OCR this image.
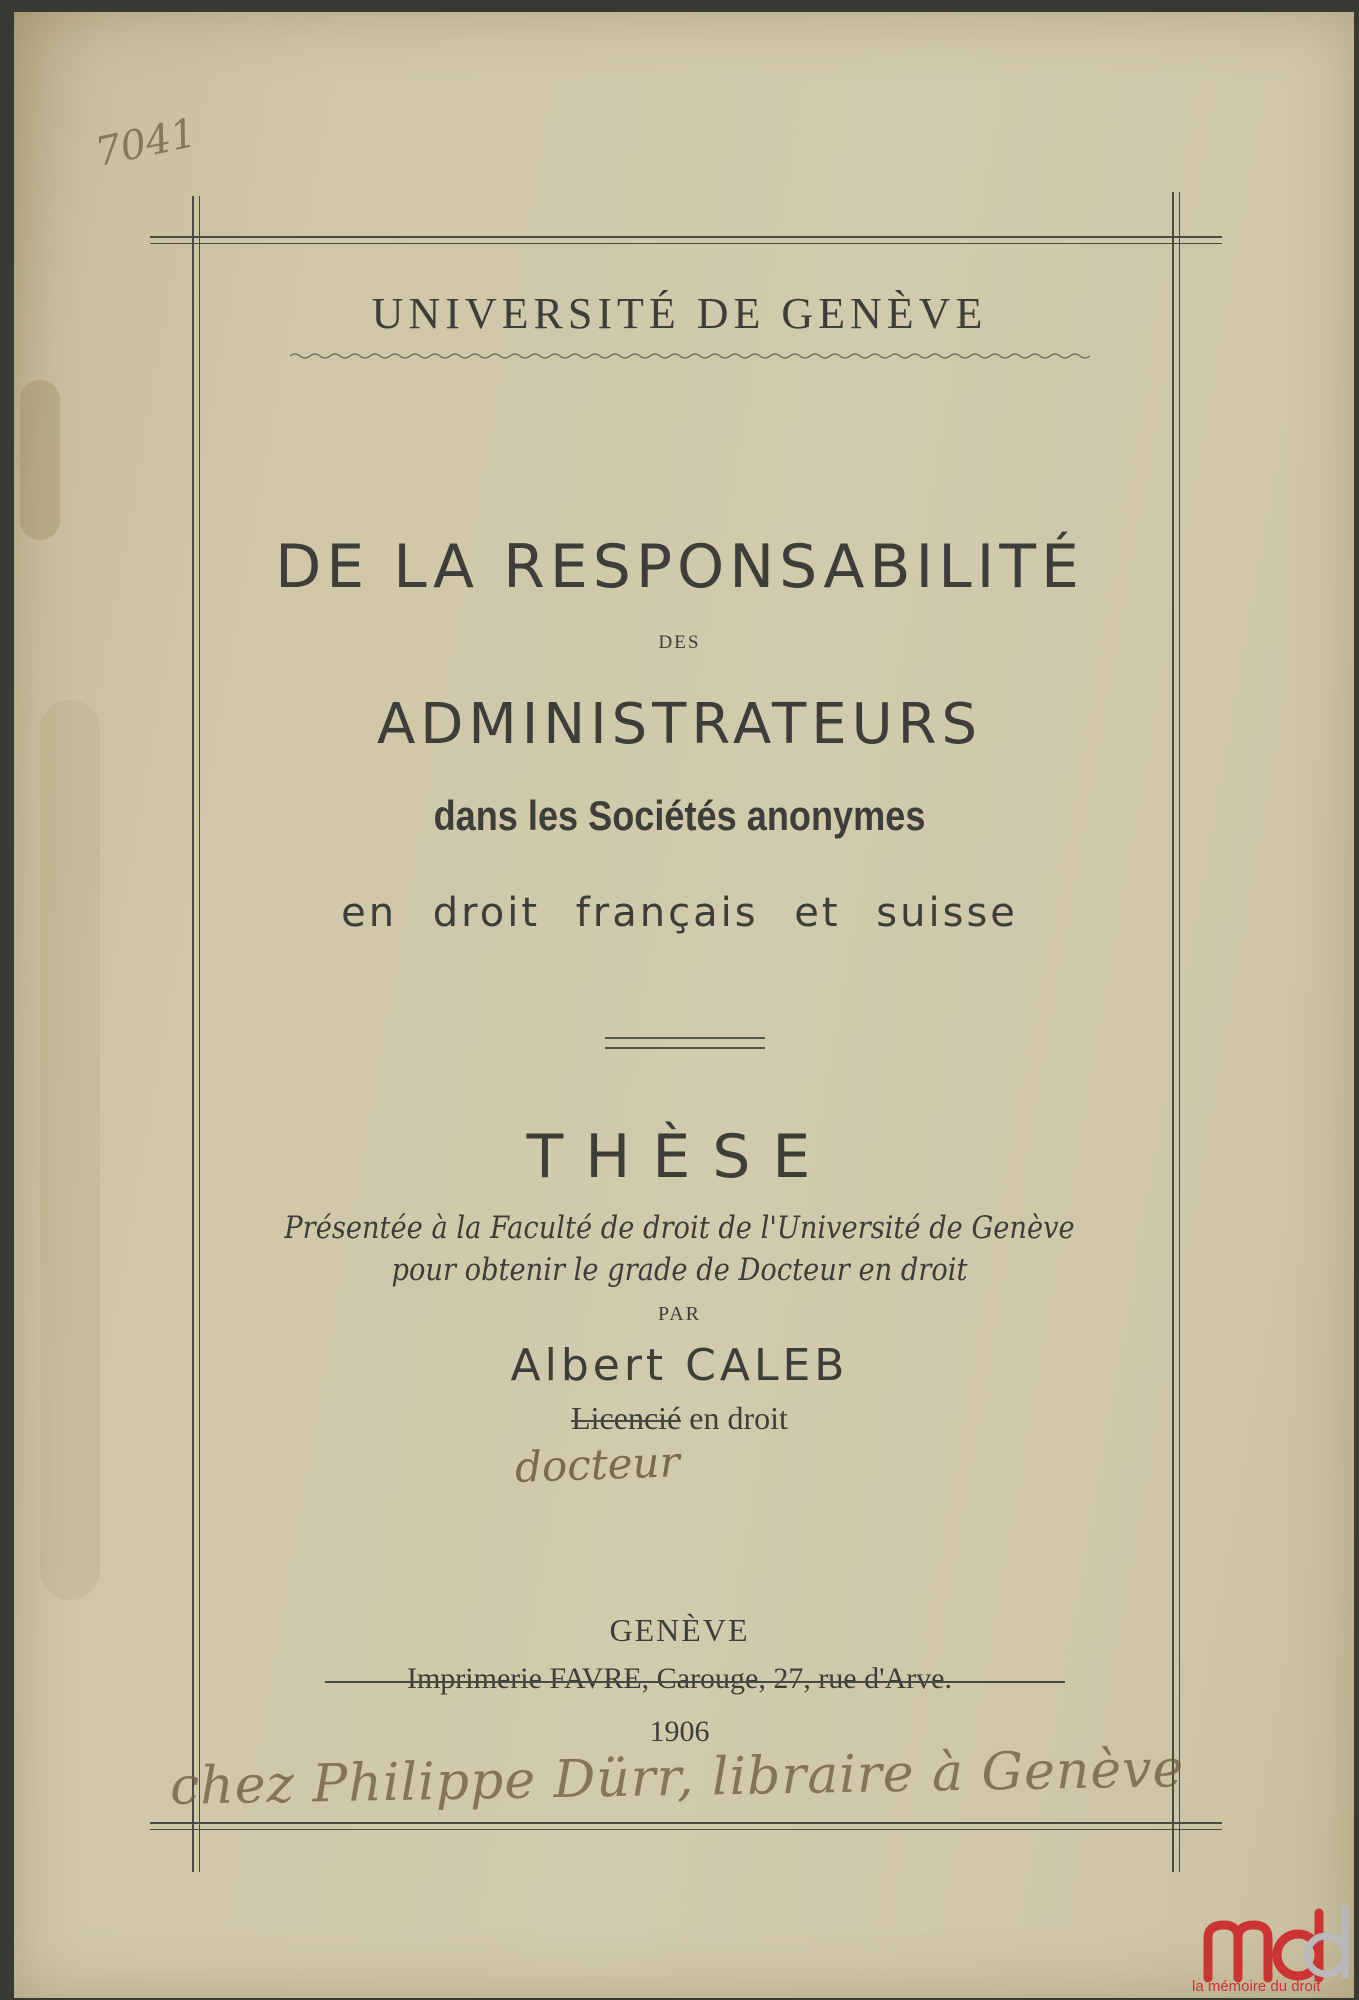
7041
UNIVERSITÉ DE GENÈVE
DE LA RESPONSABILITÉ
DES
ADMINISTRATEURS
dans les Sociétés anonymes
en droit français et suisse
THÈSE
Présentée à la Faculté de droit de l'Université de Genève
pour obtenir le grade de Docteur en droit
PAR
Albert CALEB
Licencié
en droit
docteur
GENÈVE
Imprimerie FAVRE, Carouge, 27, rue d'Arve.
1906
chez Philippe Dürr, libraire à Genève
la mémoire du droit
